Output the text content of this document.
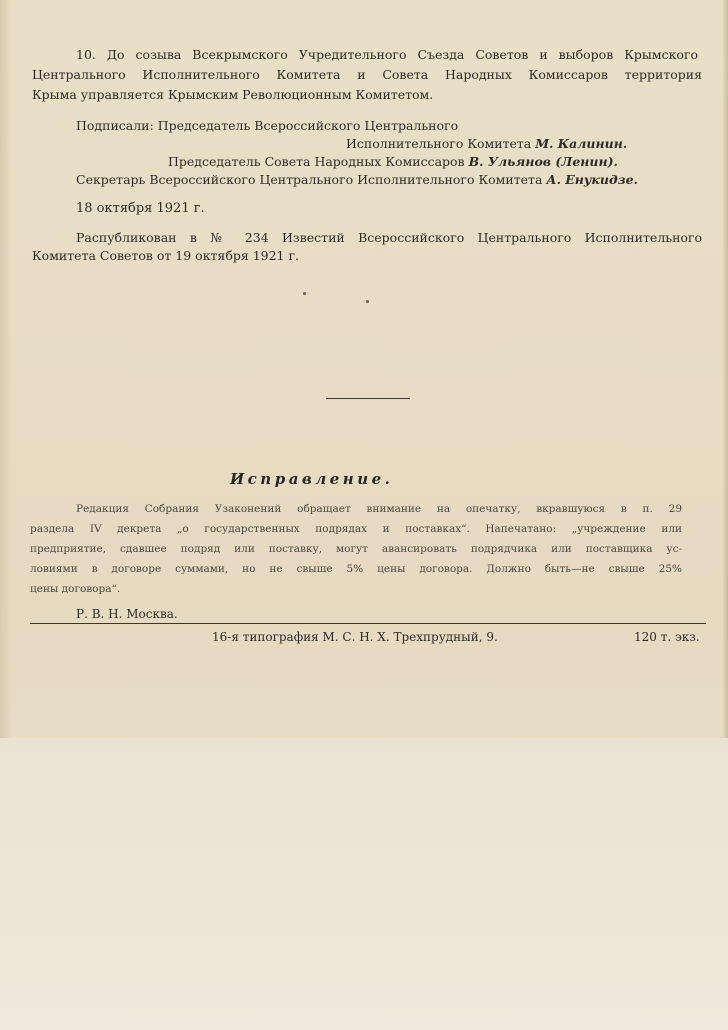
10. До созыва Всекрымского Учредительного Съезда Советов и выборов Крымского
Центрального Исполнительного Комитета и Совета Народных Комиссаров территория
Крыма управляется Крымским Революционным Комитетом.
Подписали: Председатель Всероссийского Центрального
Исполнительного Комитета М. Калинин.
Председатель Совета Народных Комиссаров В. Ульянов (Ленин).
Секретарь Всероссийского Центрального Исполнительного Комитета А. Енукидзе.
18 октября 1921 г.
Распубликован в № 234 Известий Всероссийского Центрального Исполнительного
Комитета Советов от 19 октября 1921 г.
Исправление.
Редакция Собрания Узаконений обращает внимание на опечатку, вкравшуюся в п. 29
раздела IV декрета „о государственных подрядах и поставках“. Напечатано: „учреждение или
предприятие, сдавшее подряд или поставку, могут авансировать подрядчика или поставщика ус-
ловиями в договоре суммами, но не свыше 5% цены договора. Должно быть—не свыше 25%
цены договора“.
Р. В. Н. Москва.
16-я типография М. С. Н. Х. Трехпрудный, 9.	120 т. экз.
